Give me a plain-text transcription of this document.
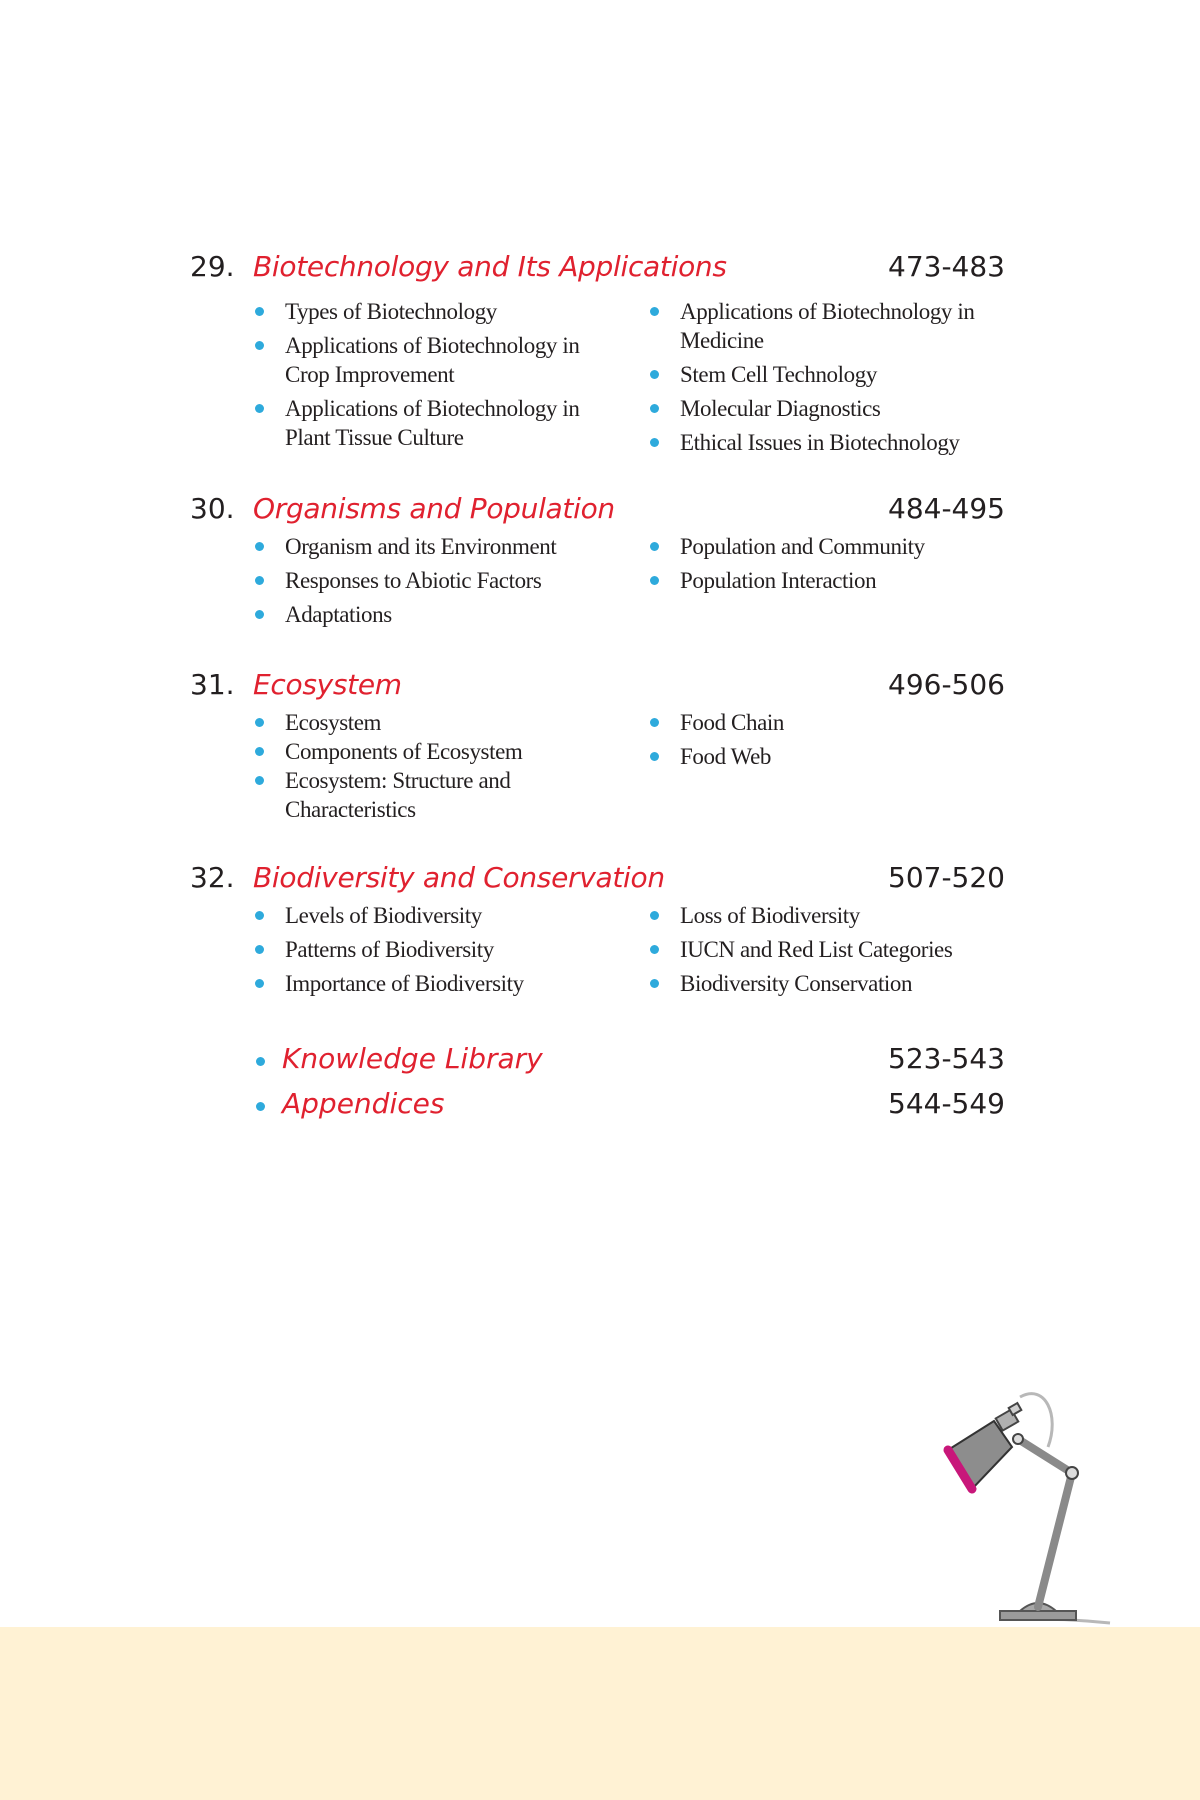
29. Biotechnology and Its Applications	473-483
Types of Biotechnology
Applications of Biotechnology in Crop Improvement
Applications of Biotechnology in Plant Tissue Culture
Applications of Biotechnology in Medicine
Stem Cell Technology
Molecular Diagnostics
Ethical Issues in Biotechnology
30. Organisms and Population	484-495
Organism and its Environment
Responses to Abiotic Factors
Adaptations
Population and Community
Population Interaction
31. Ecosystem	496-506
Ecosystem
Components of Ecosystem
Ecosystem: Structure and Characteristics
Food Chain
Food Web
32. Biodiversity and Conservation	507-520
Levels of Biodiversity
Patterns of Biodiversity
Importance of Biodiversity
Loss of Biodiversity
IUCN and Red List Categories
Biodiversity Conservation
Knowledge Library	523-543
Appendices	544-549
